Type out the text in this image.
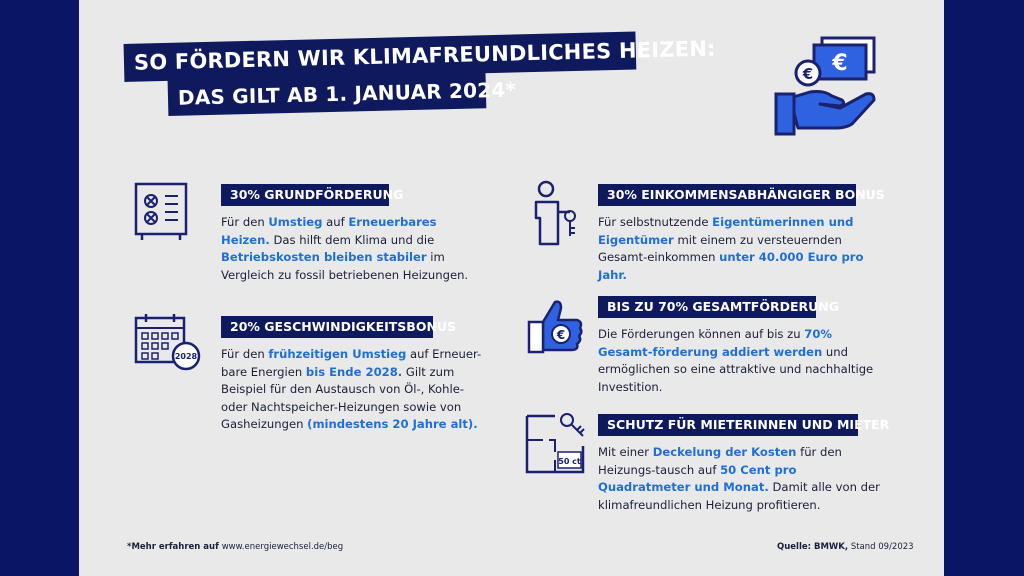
SO FÖRDERN WIR KLIMAFREUNDLICHES HEIZEN:
DAS GILT AB 1. JANUAR 2024*
€
€
30% GRUNDFÖRDERUNG

Für den Umstieg auf Erneuerbares Heizen. Das hilft dem Klima und die Betriebskosten bleiben stabiler im Vergleich zu fossil betriebenen Heizungen.

2028
20% GESCHWINDIGKEITSBONUS

Für den frühzeitigen Umstieg auf Erneuer-bare Energien bis Ende 2028. Gilt zum Beispiel für den Austausch von Öl-, Kohle- oder Nachtspeicher-Heizungen sowie von Gasheizungen (mindestens 20 Jahre alt).

30% EINKOMMENSABHÄNGIGER BONUS

Für selbstnutzende Eigentümerinnen und Eigentümer mit einem zu versteuernden Gesamt-einkommen unter 40.000 Euro pro Jahr.

€
BIS ZU 70% GESAMTFÖRDERUNG

Die Förderungen können auf bis zu 70% Gesamt-förderung addiert werden und ermöglichen so eine attraktive und nachhaltige Investition.

50 ct
SCHUTZ FÜR MIETERINNEN UND MIETER

Mit einer Deckelung der Kosten für den Heizungs-tausch auf 50 Cent pro Quadratmeter und Monat. Damit alle von der klimafreundlichen Heizung profitieren.

*Mehr erfahren auf www.energiewechsel.de/beg	Quelle: BMWK, Stand 09/2023
